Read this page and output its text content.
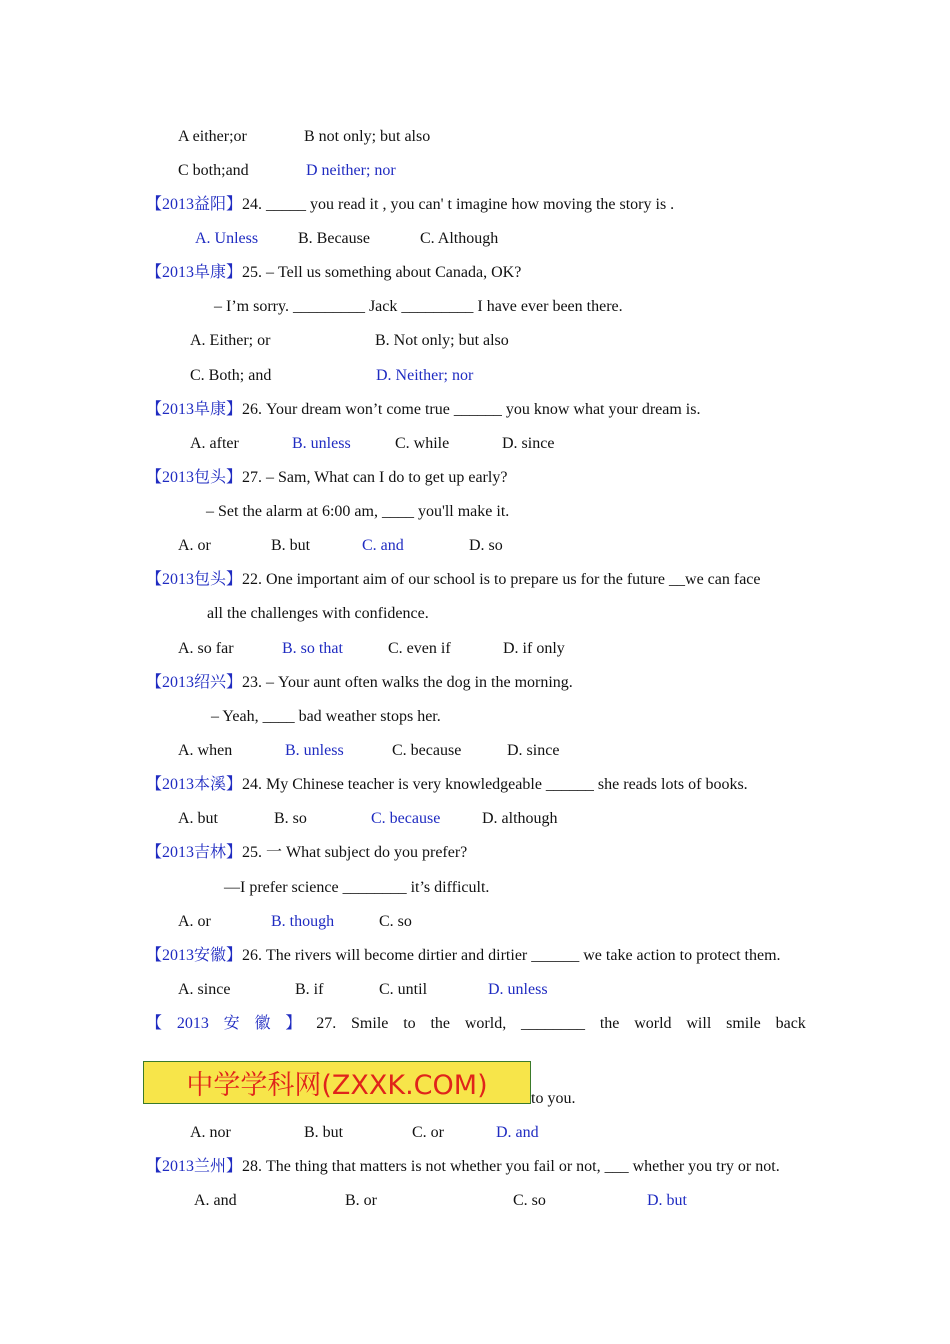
A either;or	B not only; but also
C both;and	D neither; nor
【2013益阳】24. _____ you read it , you can' t imagine how moving the story is .
A. Unless B. Because	C. Although
【2013阜康】25. – Tell us something about Canada, OK?
– I’m sorry. _________ Jack _________ I have ever been there.
A. Either; or	B. Not only; but also
C. Both; and	D. Neither; nor
【2013阜康】26. Your dream won’t come true ______ you know what your dream is.
A. after	B. unless	C. while	D. since
【2013包头】27. – Sam, What can I do to get up early?
– Set the alarm at 6:00 am, ____ you'll make it.
A. or	B. but	C. and	D. so
【2013包头】22. One important aim of our school is to prepare us for the future __we can face
all the challenges with confidence.
A. so far	B. so that	C. even if	D. if only
【2013绍兴】23. – Your aunt often walks the dog in the morning.
– Yeah, ____ bad weather stops her.
A. when	B. unless	C. because	D. since
【2013本溪】24. My Chinese teacher is very knowledgeable ______ she reads lots of books.
A. but	B. so	C. because	D. although
【2013吉林】25. 一 What subject do you prefer?
—I prefer science ________ it’s difficult.
A. or	B. though	C. so
【2013安徽】26. The rivers will become dirtier and dirtier ______ we take action to protect them.
A. since	B. if	C. until	D. unless
【 2013 安 徽 】 27. Smile to the world, ________ the world will smile back
中学学科网(ZXXK.COM)	to you.
A. nor	B. but	C. or	D. and
【2013兰州】28. The thing that matters is not whether you fail or not, ___ whether you try or not.
A. and	B. or	C. so	D. but
